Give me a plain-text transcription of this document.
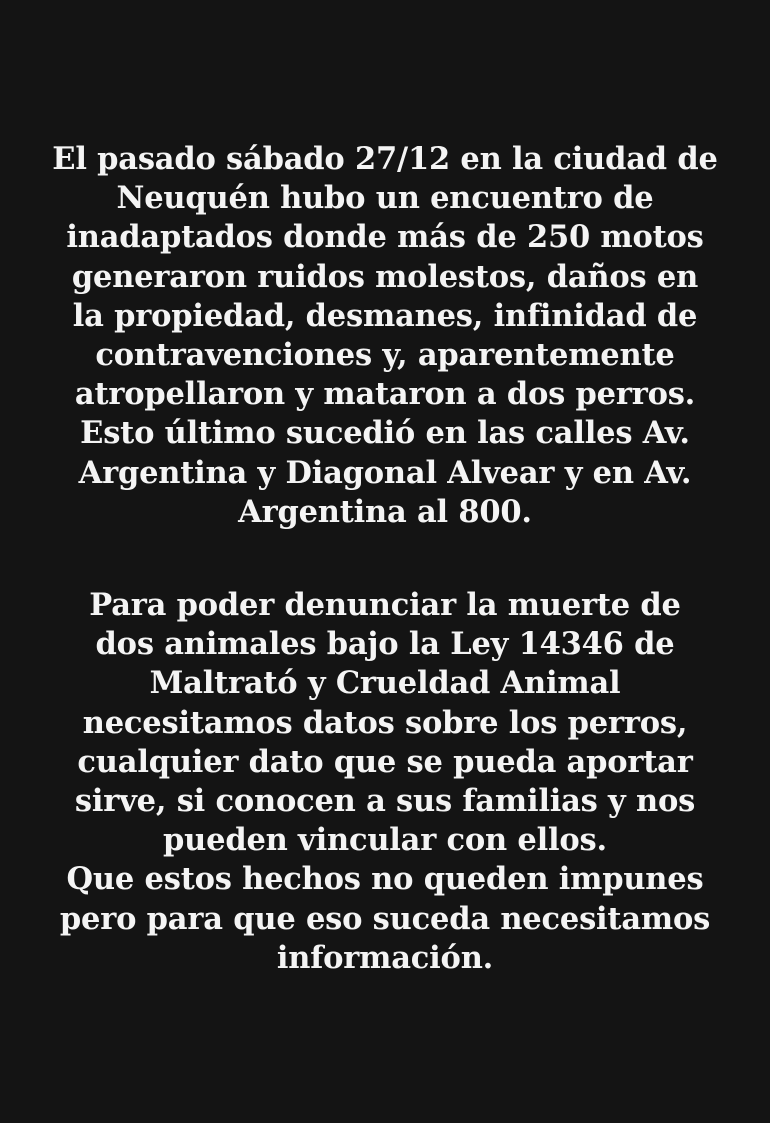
El pasado sábado 27/12 en la ciudad de
Neuquén hubo un encuentro de
inadaptados donde más de 250 motos
generaron ruidos molestos, daños en
la propiedad, desmanes, infinidad de
contravenciones y, aparentemente
atropellaron y mataron a dos perros.
Esto último sucedió en las calles Av.
Argentina y Diagonal Alvear y en Av.
Argentina al 800.
Para poder denunciar la muerte de
dos animales bajo la Ley 14346 de
Maltrató y Crueldad Animal
necesitamos datos sobre los perros,
cualquier dato que se pueda aportar
sirve, si conocen a sus familias y nos
pueden vincular con ellos.
Que estos hechos no queden impunes
pero para que eso suceda necesitamos
información.
